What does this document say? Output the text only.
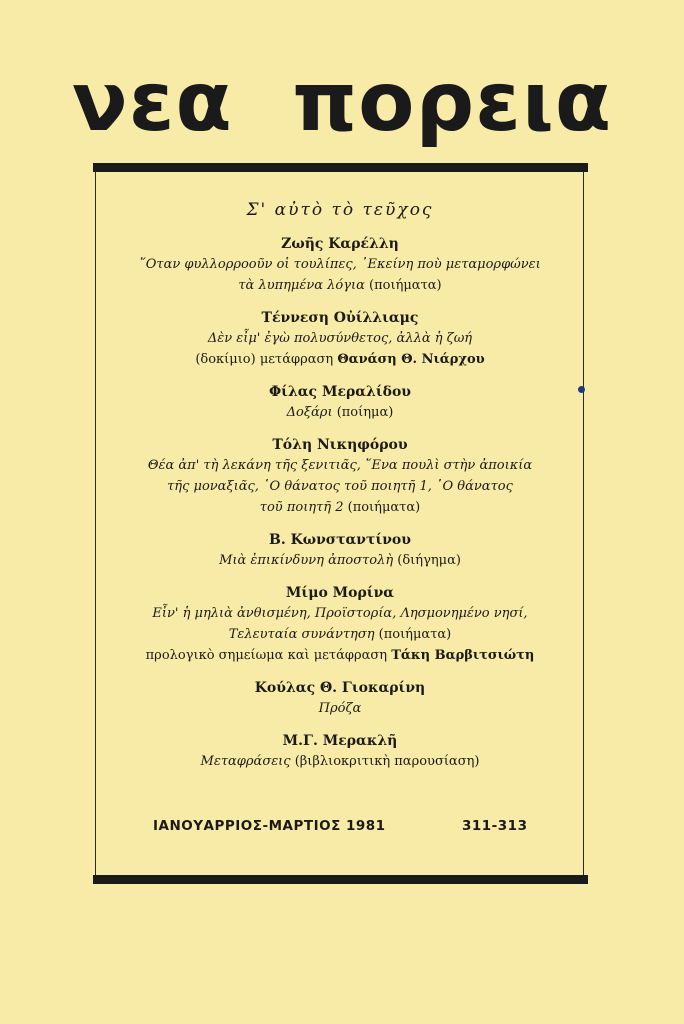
νεα πορεια
Σ' αὐτὸ τὸ τεῦχος
Ζωῆς Καρέλλη
῞Οταν φυλλορροοῦν οἱ τουλίπες, ᾿Εκείνη ποὺ μεταμορφώνει
τὰ λυπημένα λόγια (ποιήματα)
Τέννεση Οὐίλλιαμς
Δὲν εἶμ' ἐγὼ πολυσύνθετος, ἀλλὰ ἡ ζωή
(δοκίμιο) μετάφραση Θανάση Θ. Νιάρχου
Φίλας Μεραλίδου
Δοξάρι (ποίημα)
Τόλη Νικηφόρου
Θέα ἀπ' τὴ λεκάνη τῆς ξενιτιᾶς, ῞Ενα πουλὶ στὴν ἀποικία
τῆς μοναξιᾶς, ῾Ο θάνατος τοῦ ποιητῆ 1, ῾Ο θάνατος
τοῦ ποιητῆ 2 (ποιήματα)
Β. Κωνσταντίνου
Μιὰ ἐπικίνδυνη ἀποστολὴ (διήγημα)
Μίμο Μορίνα
Εἶν' ἡ μηλιὰ ἀνθισμένη, Προϊστορία, Λησμονημένο νησί,
Τελευταία συνάντηση (ποιήματα)
προλογικὸ σημείωμα καὶ μετάφραση Τάκη Βαρβιτσιώτη
Κούλας Θ. Γιοκαρίνη
Πρόζα
Μ.Γ. Μερακλῆ
Μεταφράσεις (βιβλιοκριτικὴ παρουσίαση)
ΙΑΝΟΥΑΡΡΙΟΣ-ΜΑΡΤΙΟΣ 1981	311-313
